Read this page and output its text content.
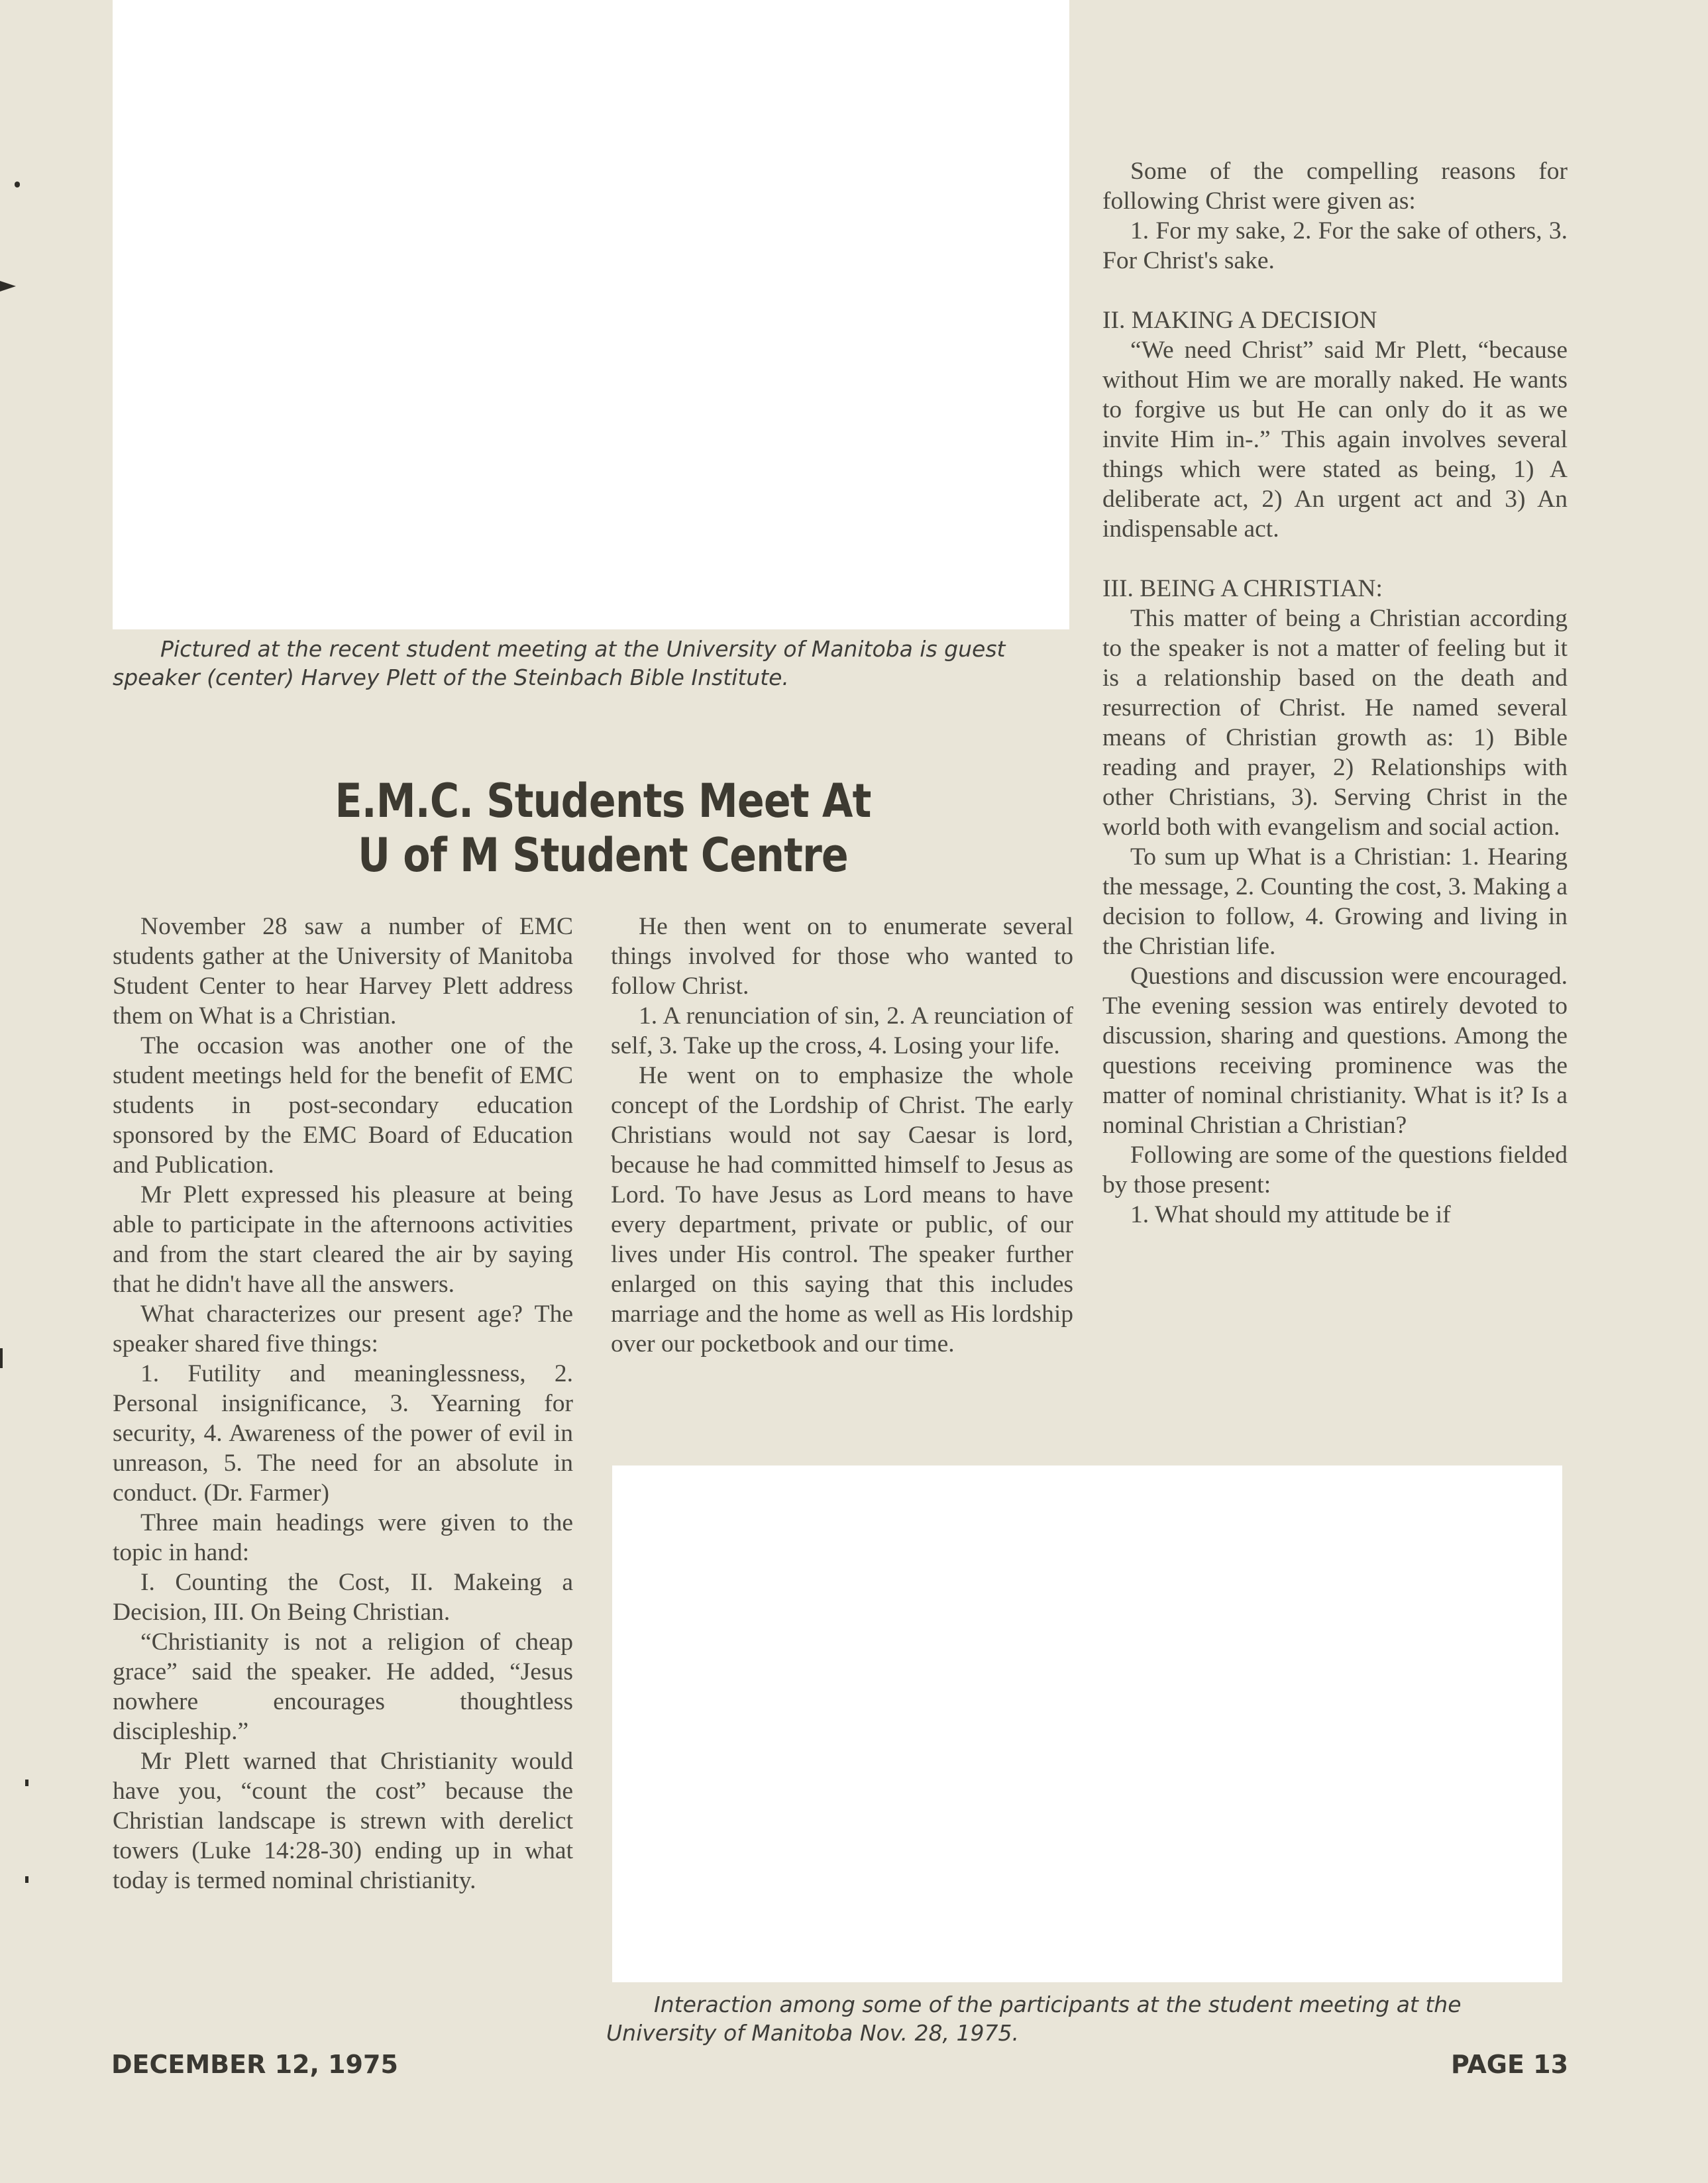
Pictured at the recent student meeting at the University of Manitoba is guest speaker (center) Harvey Plett of the Steinbach Bible Institute.
E.M.C. Students Meet At
U of M Student Centre

November 28 saw a number of EMC students gather at the University of Manitoba Student Center to hear Harvey Plett address them on What is a Christian.

The occasion was another one of the student meetings held for the benefit of EMC students in post-secondary education sponsored by the EMC Board of Education and Publication.

Mr Plett expressed his pleasure at being able to participate in the afternoons activities and from the start cleared the air by saying that he didn't have all the answers.

What characterizes our present age? The speaker shared five things:

1. Futility and meaninglessness, 2. Personal insignificance, 3. Yearning for security, 4. Awareness of the power of evil in unreason, 5. The need for an absolute in conduct. (Dr. Farmer)

Three main headings were given to the topic in hand:

I. Counting the Cost, II. Makeing a Decision, III. On Being Christian.

“Christianity is not a religion of cheap grace” said the speaker. He added, “Jesus nowhere encourages thoughtless discipleship.”

Mr Plett warned that Christianity would have you, “count the cost” because the Christian landscape is strewn with derelict towers (Luke 14:28-30) ending up in what today is termed nominal christianity.

He then went on to enumerate several things involved for those who wanted to follow Christ.

1. A renunciation of sin, 2. A reunciation of self, 3. Take up the cross, 4. Losing your life.

He went on to emphasize the whole concept of the Lordship of Christ. The early Christians would not say Caesar is lord, because he had committed himself to Jesus as Lord. To have Jesus as Lord means to have every department, private or public, of our lives under His control. The speaker further enlarged on this saying that this includes marriage and the home as well as His lordship over our pocketbook and our time.

Some of the compelling reasons for following Christ were given as:

1. For my sake, 2. For the sake of others, 3. For Christ's sake.

II. MAKING A DECISION

“We need Christ” said Mr Plett, “because without Him we are morally naked. He wants to forgive us but He can only do it as we invite Him in-.” This again involves several things which were stated as being, 1) A deliberate act, 2) An urgent act and 3) An indispensable act.

III. BEING A CHRISTIAN:

This matter of being a Christian according to the speaker is not a matter of feeling but it is a relationship based on the death and resurrection of Christ. He named several means of Christian growth as: 1) Bible reading and prayer, 2) Relationships with other Christians, 3). Serving Christ in the world both with evangelism and social action.

To sum up What is a Christian: 1. Hearing the message, 2. Counting the cost, 3. Making a decision to follow, 4. Growing and living in the Christian life.

Questions and discussion were encouraged. The evening session was entirely devoted to discussion, sharing and questions. Among the questions receiving prominence was the matter of nominal christianity. What is it? Is a nominal Christian a Christian?

Following are some of the questions fielded by those present:

1. What should my attitude be if

Interaction among some of the participants at the student meeting at the University of Manitoba Nov. 28, 1975.
DECEMBER 12, 1975	PAGE 13
